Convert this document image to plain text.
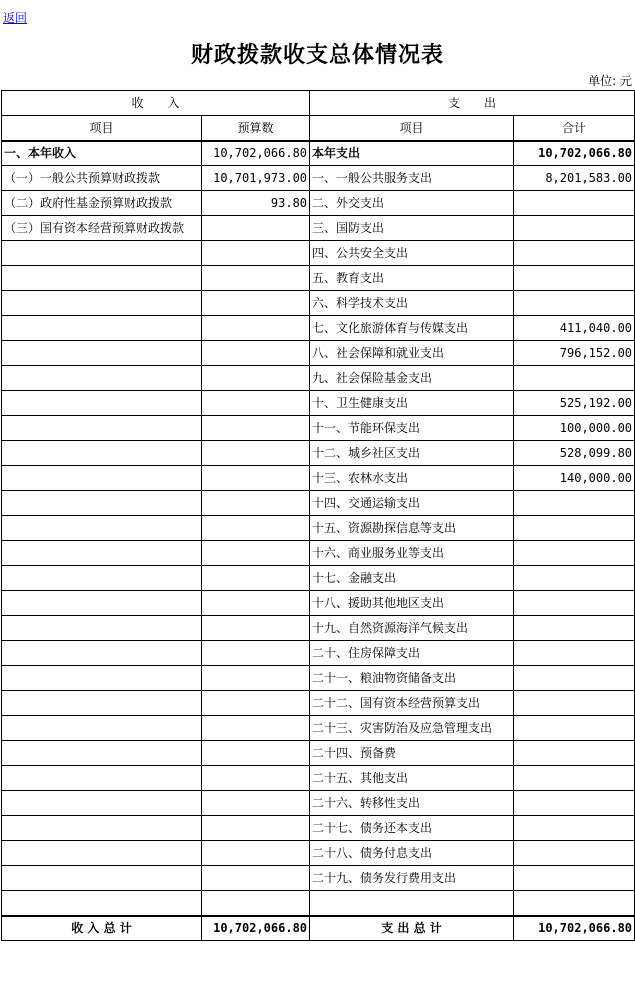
返回
财政拨款收支总体情况表
单位: 元
收　　入		支　　出	
项目	预算数	项目	合计
一、本年收入	10,702,066.80	本年支出	10,702,066.80
（一）一般公共预算财政拨款	10,701,973.00	一、一般公共服务支出	8,201,583.00
（二）政府性基金预算财政拨款	93.80	二、外交支出	
（三）国有资本经营预算财政拨款		三、国防支出	
		四、公共安全支出	
		五、教育支出	
		六、科学技术支出	
		七、文化旅游体育与传媒支出	411,040.00
		八、社会保障和就业支出	796,152.00
		九、社会保险基金支出	
		十、卫生健康支出	525,192.00
		十一、节能环保支出	100,000.00
		十二、城乡社区支出	528,099.80
		十三、农林水支出	140,000.00
		十四、交通运输支出	
		十五、资源勘探信息等支出	
		十六、商业服务业等支出	
		十七、金融支出	
		十八、援助其他地区支出	
		十九、自然资源海洋气候支出	
		二十、住房保障支出	
		二十一、粮油物资储备支出	
		二十二、国有资本经营预算支出	
		二十三、灾害防治及应急管理支出	
		二十四、预备费	
		二十五、其他支出	
		二十六、转移性支出	
		二十七、债务还本支出	
		二十八、债务付息支出	
		二十九、债务发行费用支出	

收 入 总 计	10,702,066.80	支 出 总 计	10,702,066.80
